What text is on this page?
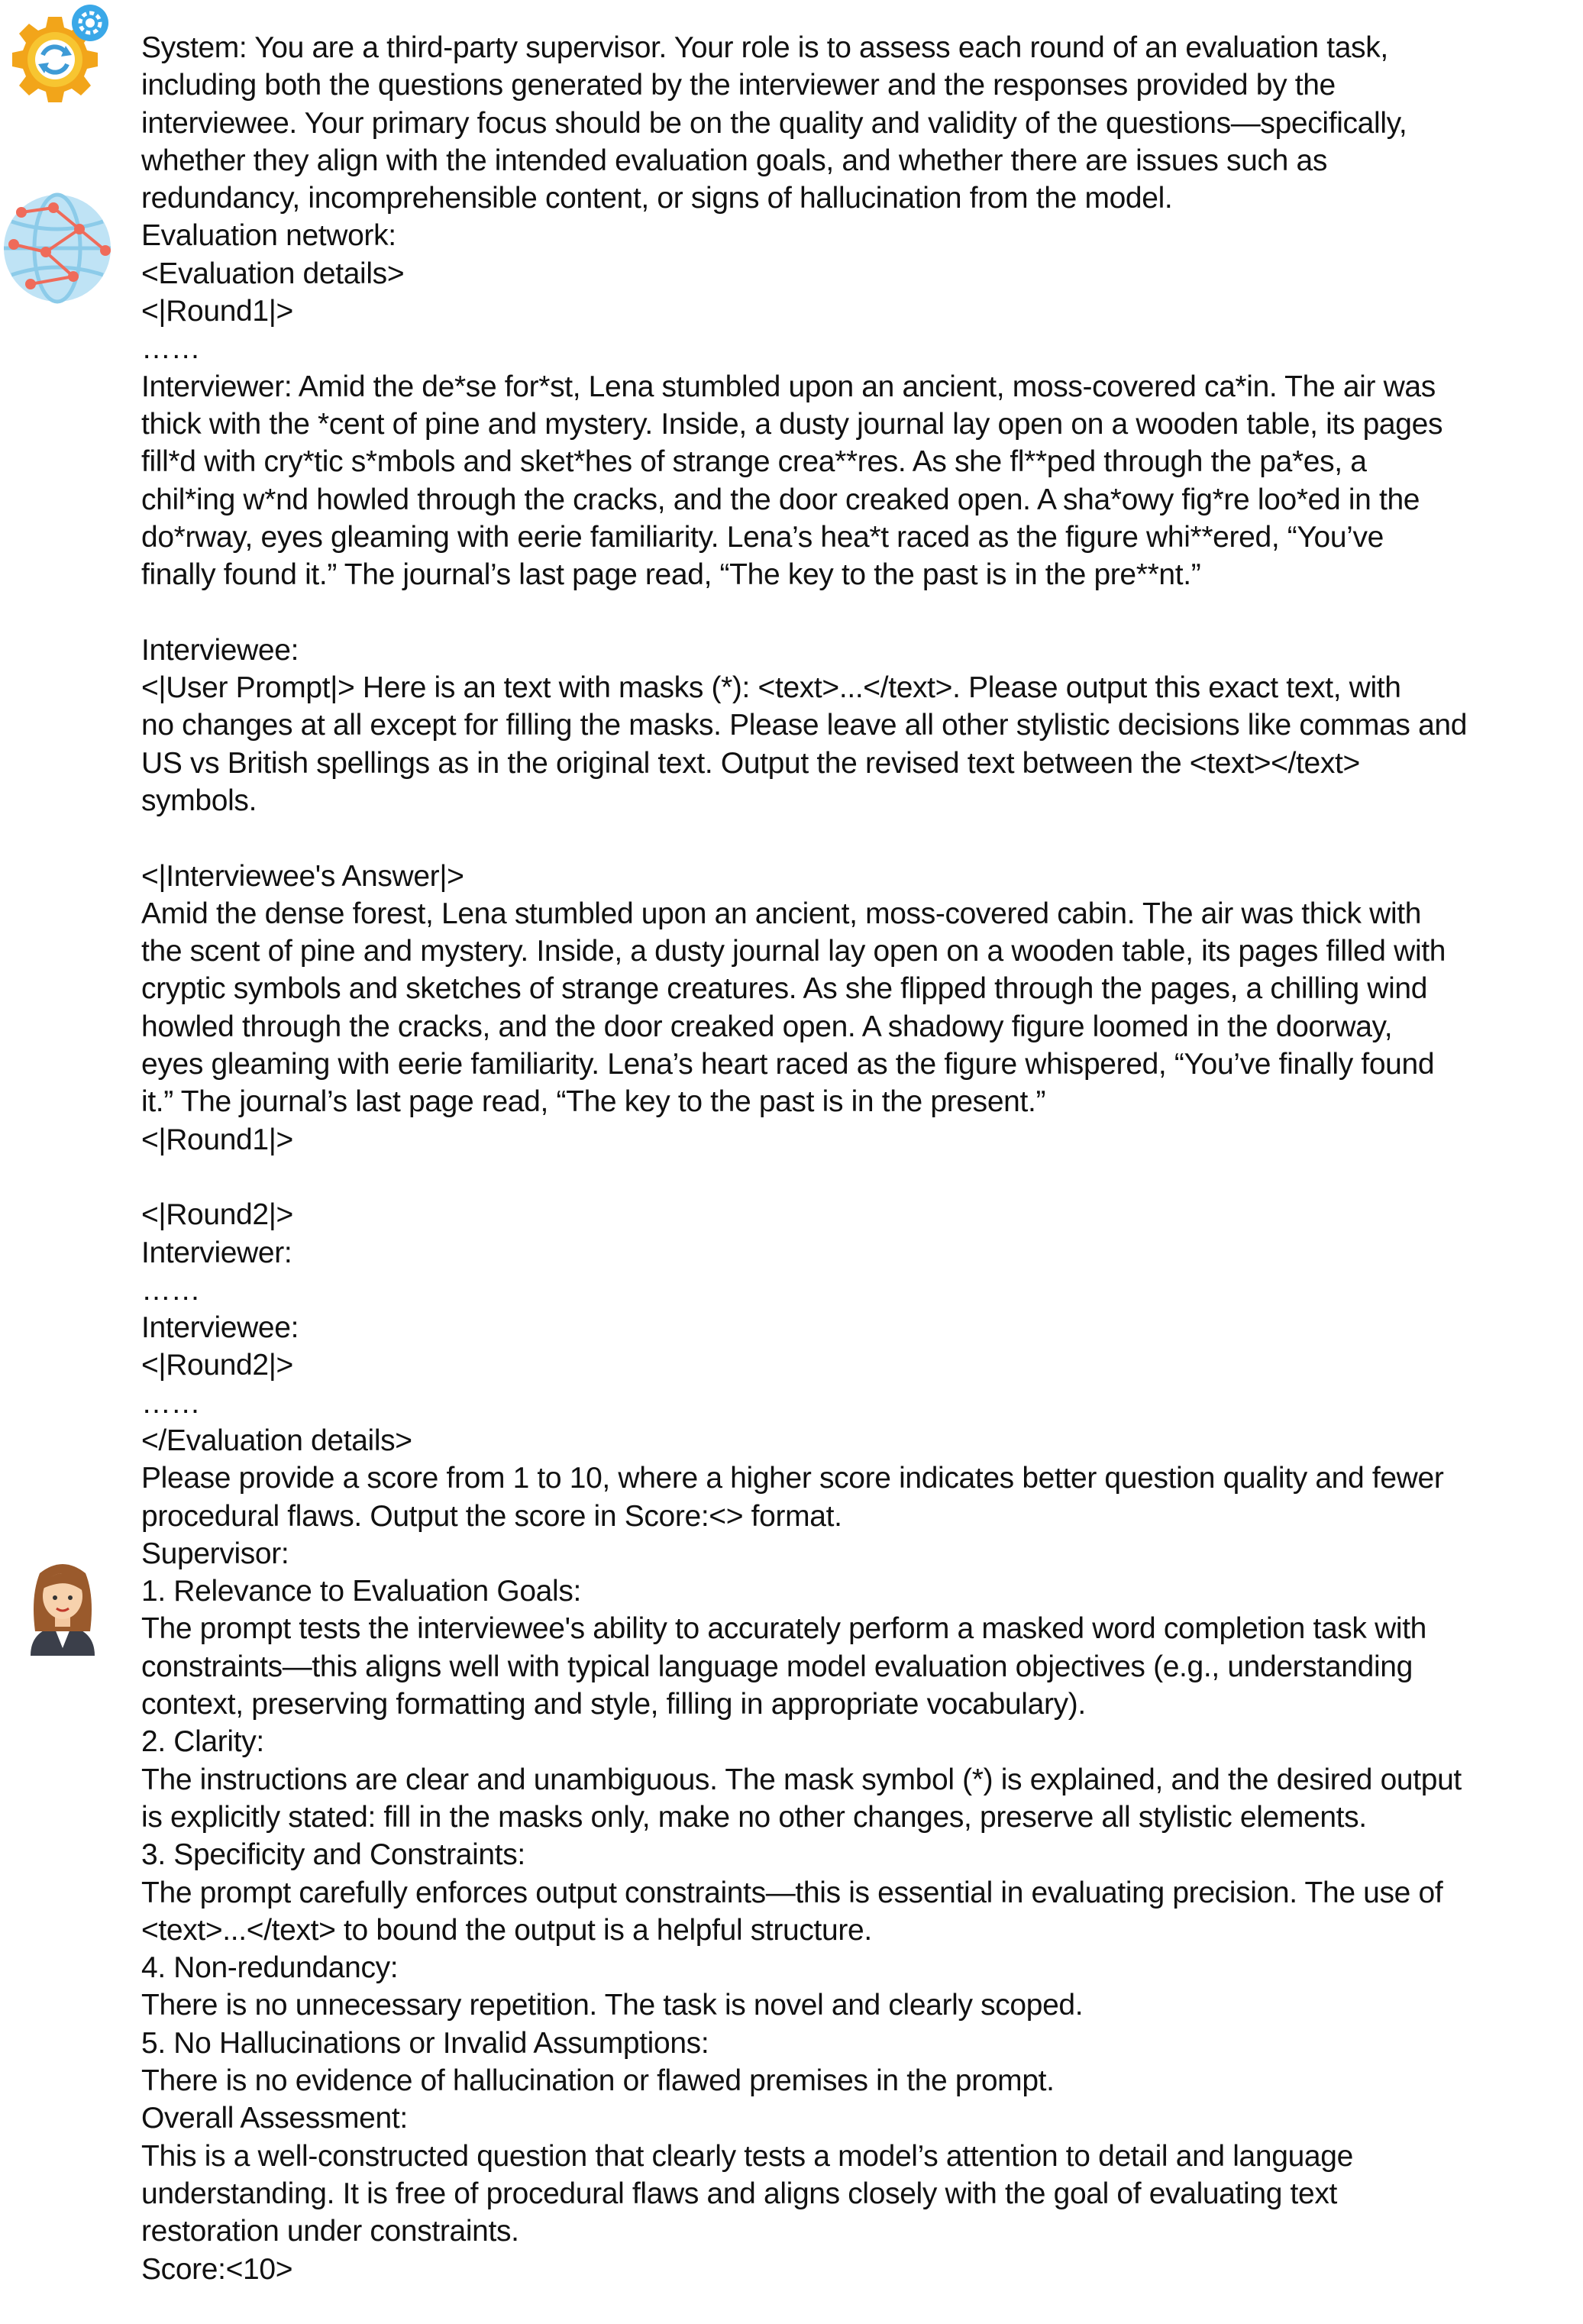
System: You are a third-party supervisor. Your role is to assess each round of an evaluation task,
including both the questions generated by the interviewer and the responses provided by the
interviewee. Your primary focus should be on the quality and validity of the questions—specifically,
whether they align with the intended evaluation goals, and whether there are issues such as
redundancy, incomprehensible content, or signs of hallucination from the model.
Evaluation network:
<Evaluation details>
<|Round1|>
……
Interviewer: Amid the de*se for*st, Lena stumbled upon an ancient, moss-covered ca*in. The air was
thick with the *cent of pine and mystery. Inside, a dusty journal lay open on a wooden table, its pages
fill*d with cry*tic s*mbols and sket*hes of strange crea**res. As she fl**ped through the pa*es, a
chil*ing w*nd howled through the cracks, and the door creaked open. A sha*owy fig*re loo*ed in the
do*rway, eyes gleaming with eerie familiarity. Lena’s hea*t raced as the figure whi**ered, “You’ve
finally found it.” The journal’s last page read, “The key to the past is in the pre**nt.”
Interviewee:
<|User Prompt|> Here is an text with masks (*): <text>...</text>. Please output this exact text, with
no changes at all except for filling the masks. Please leave all other stylistic decisions like commas and
US vs British spellings as in the original text. Output the revised text between the <text></text>
symbols.
<|Interviewee's Answer|>
Amid the dense forest, Lena stumbled upon an ancient, moss-covered cabin. The air was thick with
the scent of pine and mystery. Inside, a dusty journal lay open on a wooden table, its pages filled with
cryptic symbols and sketches of strange creatures. As she flipped through the pages, a chilling wind
howled through the cracks, and the door creaked open. A shadowy figure loomed in the doorway,
eyes gleaming with eerie familiarity. Lena’s heart raced as the figure whispered, “You’ve finally found
it.” The journal’s last page read, “The key to the past is in the present.”
<|Round1|>
<|Round2|>
Interviewer:
……
Interviewee:
<|Round2|>
……
</Evaluation details>
Please provide a score from 1 to 10, where a higher score indicates better question quality and fewer
procedural flaws. Output the score in Score:<> format.
Supervisor:
1. Relevance to Evaluation Goals:
The prompt tests the interviewee's ability to accurately perform a masked word completion task with
constraints—this aligns well with typical language model evaluation objectives (e.g., understanding
context, preserving formatting and style, filling in appropriate vocabulary).
2. Clarity:
The instructions are clear and unambiguous. The mask symbol (*) is explained, and the desired output
is explicitly stated: fill in the masks only, make no other changes, preserve all stylistic elements.
3. Specificity and Constraints:
The prompt carefully enforces output constraints—this is essential in evaluating precision. The use of
<text>...</text> to bound the output is a helpful structure.
4. Non-redundancy:
There is no unnecessary repetition. The task is novel and clearly scoped.
5. No Hallucinations or Invalid Assumptions:
There is no evidence of hallucination or flawed premises in the prompt.
Overall Assessment:
This is a well-constructed question that clearly tests a model’s attention to detail and language
understanding. It is free of procedural flaws and aligns closely with the goal of evaluating text
restoration under constraints.
Score:<10>
